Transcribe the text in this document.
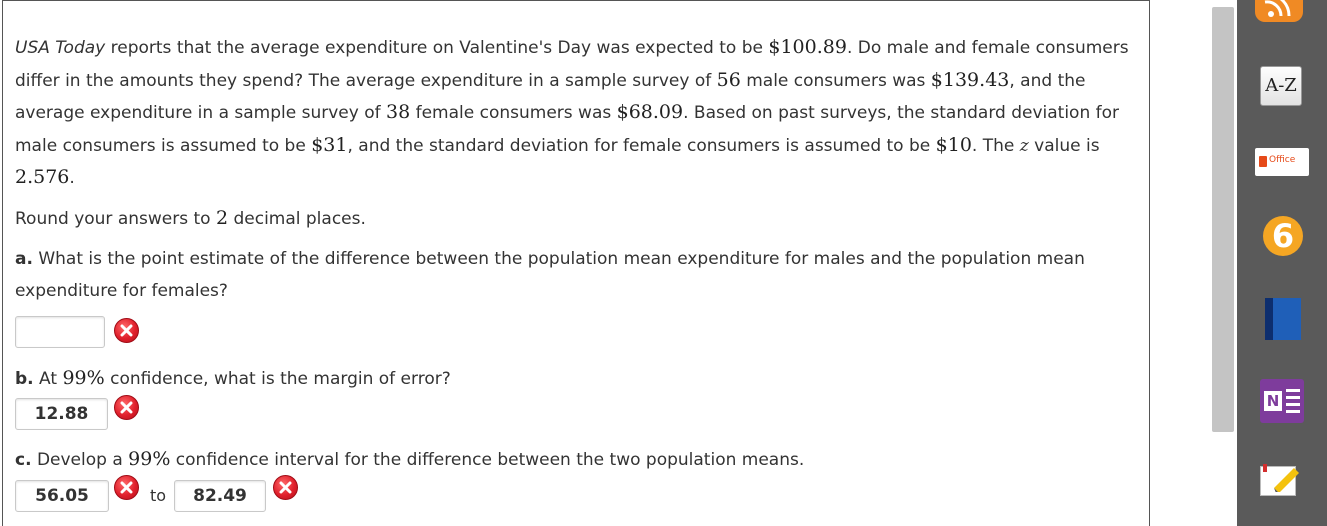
USA Today reports that the average expenditure on Valentine's Day was expected to be $100.89. Do male and female consumers differ in the amounts they spend? The average expenditure in a sample survey of 56 male consumers was $139.43, and the average expenditure in a sample survey of 38 female consumers was $68.09. Based on past surveys, the standard deviation for male consumers is assumed to be $31, and the standard deviation for female consumers is assumed to be $10. The z value is 2.576.

Round your answers to 2 decimal places.

a. What is the point estimate of the difference between the population mean expenditure for males and the population mean expenditure for females?

b. At 99% confidence, what is the margin of error?

12.88

c. Develop a 99% confidence interval for the difference between the two population means.

56.05	to	82.49
A-Z
Office
6
N
